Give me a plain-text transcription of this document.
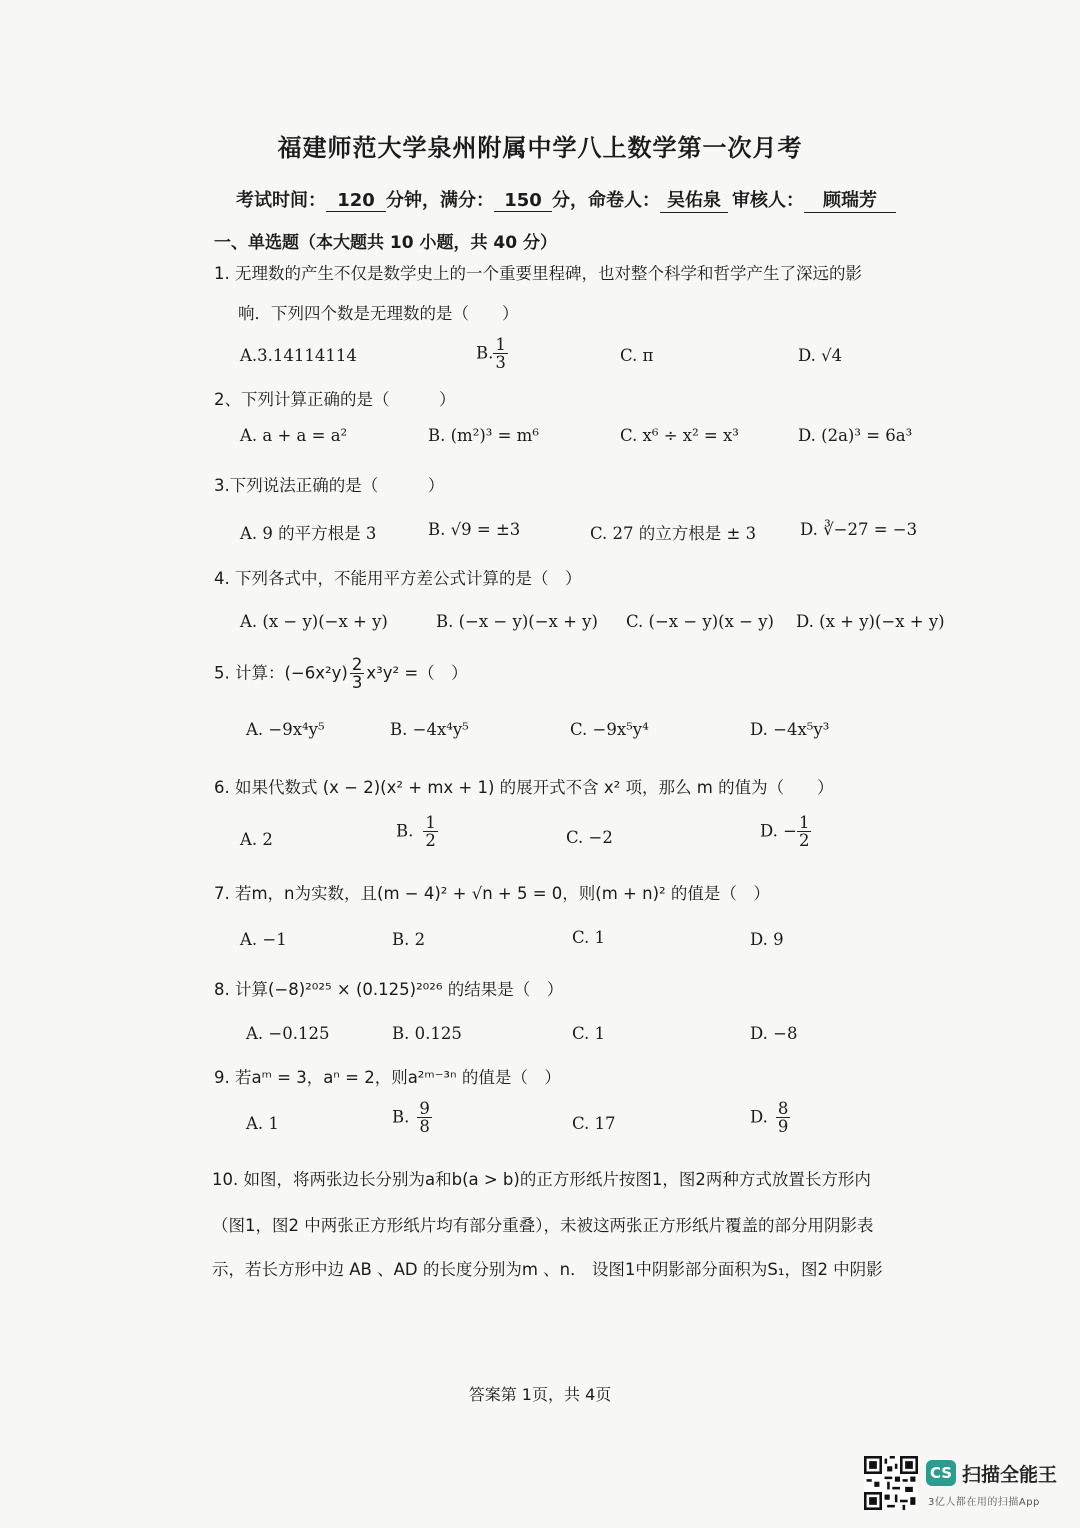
福建师范大学泉州附属中学八上数学第一次月考
考试时间： 120 分钟，满分： 150 分，命卷人： 吴佑泉 审核人： 顾瑞芳
一、单选题（本大题共 10 小题，共 40 分）
1. 无理数的产生不仅是数学史上的一个重要里程碑，也对整个科学和哲学产生了深远的影
响．下列四个数是无理数的是（　　）
A.3.14114114	B. $\frac{1}{3}$	C. π	D. √4
2、下列计算正确的是（　　　）
A. a + a = a²	B. (m²)³ = m⁶	C. x⁶ ÷ x² = x³	D. (2a)³ = 6a³
3.下列说法正确的是（　　　）
A. 9 的平方根是 3	B. √9 = ±3	C. 27 的立方根是 ± 3	D. ∛−27 = −3
4. 下列各式中，不能用平方差公式计算的是（　）
A. (x − y)(−x + y)	B. (−x − y)(−x + y) C. (−x − y)(x − y) D. (x + y)(−x + y)
5. 计算：$(-6x^2y) \frac{2}{3} x^3y^2$ =（　）
A. −9x⁴y⁵	B. −4x⁴y⁵	C. −9x⁵y⁴	D. −4x⁵y³
6. 如果代数式 (x − 2)(x² + mx + 1) 的展开式不含 x² 项，那么 m 的值为（　　）
A. 2	B. $\frac{1}{2}$	C. −2	D. − $\frac{1}{2}$
7. 若m，n为实数，且(m − 4)² + √n + 5 = 0，则(m + n)² 的值是（　）
A. −1	B. 2	C. 1	D. 9
8. 计算(−8)²⁰²⁵ × (0.125)²⁰²⁶ 的结果是（　）
A. −0.125	B. 0.125	C. 1	D. −8
9. 若aᵐ = 3，aⁿ = 2，则a²ᵐ⁻³ⁿ 的值是（　）
A. 1	B. $\frac{9}{8}$	C. 17	D. $\frac{8}{9}$
10. 如图，将两张边长分别为a和b(a > b)的正方形纸片按图1，图2两种方式放置长方形内
（图1，图2 中两张正方形纸片均有部分重叠），未被这两张正方形纸片覆盖的部分用阴影表
示，若长方形中边 AB 、AD 的长度分别为m 、n． 设图1中阴影部分面积为S₁，图2 中阴影
答案第 1页，共 4页
CS 扫描全能王
3亿人都在用的扫描App
